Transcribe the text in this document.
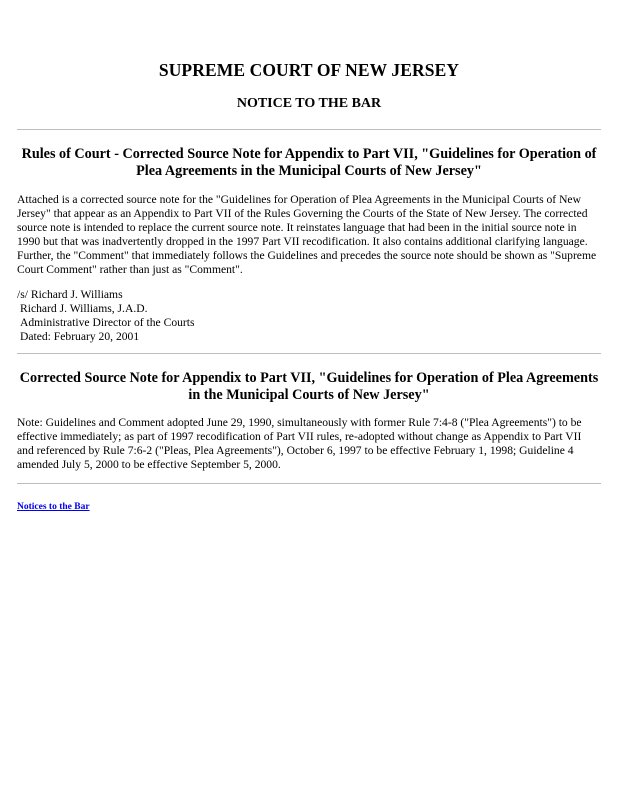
SUPREME COURT OF NEW JERSEY
NOTICE TO THE BAR
Rules of Court - Corrected Source Note for Appendix to Part VII, "Guidelines for Operation of Plea Agreements in the Municipal Courts of New Jersey"
Attached is a corrected source note for the "Guidelines for Operation of Plea Agreements in the Municipal Courts of New Jersey" that appear as an Appendix to Part VII of the Rules Governing the Courts of the State of New Jersey. The corrected source note is intended to replace the current source note. It reinstates language that had been in the initial source note in 1990 but that was inadvertently dropped in the 1997 Part VII recodification. It also contains additional clarifying language. Further, the "Comment" that immediately follows the Guidelines and precedes the source note should be shown as "Supreme Court Comment" rather than just as "Comment".
/s/ Richard J. Williams
Richard J. Williams, J.A.D.
Administrative Director of the Courts
Dated: February 20, 2001
Corrected Source Note for Appendix to Part VII, "Guidelines for Operation of Plea Agreements in the Municipal Courts of New Jersey"
Note: Guidelines and Comment adopted June 29, 1990, simultaneously with former Rule 7:4-8 ("Plea Agreements") to be effective immediately; as part of 1997 recodification of Part VII rules, re-adopted without change as Appendix to Part VII and referenced by Rule 7:6-2 ("Pleas, Plea Agreements"), October 6, 1997 to be effective February 1, 1998; Guideline 4 amended July 5, 2000 to be effective September 5, 2000.
Notices to the Bar
